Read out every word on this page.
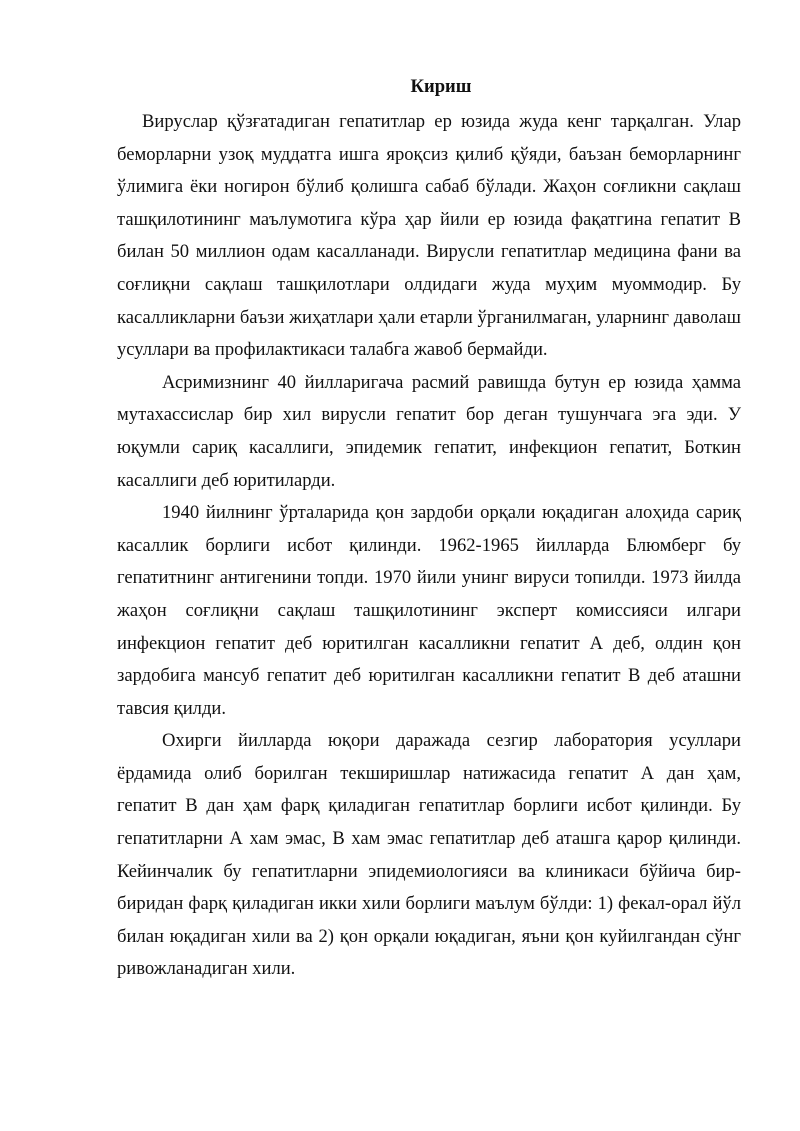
Кириш

Вируслар қўзғатадиган гепатитлар ер юзида жуда кенг тарқалган. Улар беморларни узоқ муддатга ишга яроқсиз қилиб қўяди, баъзан беморларнинг ўлимига ёки ногирон бўлиб қолишга сабаб бўлади. Жаҳон соғликни сақлаш ташқилотининг маълумотига кўра ҳар йили ер юзида фақатгина гепатит В билан 50 миллион одам касалланади. Вирусли гепатитлар медицина фани ва соғлиқни сақлаш ташқилотлари олдидаги жуда муҳим муоммодир. Бу касалликларни баъзи жиҳатлари ҳали етарли ўрганилмаган, уларнинг даволаш усуллари ва профилактикаси талабга жавоб бермайди.

Асримизнинг 40 йилларигача расмий равишда бутун ер юзида ҳамма мутахассислар бир хил вирусли гепатит бор деган тушунчага эга эди. У юқумли сариқ касаллиги, эпидемик гепатит, инфекцион гепатит, Боткин касаллиги деб юритиларди.

1940 йилнинг ўрталарида қон зардоби орқали юқадиган алоҳида сариқ касаллик борлиги исбот қилинди. 1962-1965 йилларда Блюмберг бу гепатитнинг антигенини топди. 1970 йили унинг вируси топилди. 1973 йилда жаҳон соғлиқни сақлаш ташқилотининг эксперт комиссияси илгари инфекцион гепатит деб юритилган касалликни гепатит А деб, олдин қон зардобига мансуб гепатит деб юритилган касалликни гепатит В деб аташни тавсия қилди.

Охирги йилларда юқори даражада сезгир лаборатория усуллари ёрдамида олиб борилган текширишлар натижасида гепатит А дан ҳам, гепатит В дан ҳам фарқ қиладиган гепатитлар борлиги исбот қилинди. Бу гепатитларни А хам эмас, В хам эмас гепатитлар деб аташга қарор қилинди. Кейинчалик бу гепатитларни эпидемиологияси ва клиникаси бўйича бир-биридан фарқ қиладиган икки хили борлиги маълум бўлди: 1) фекал-орал йўл билан юқадиган хили ва 2) қон орқали юқадиган, яъни қон куйилгандан сўнг ривожланадиган хили.
